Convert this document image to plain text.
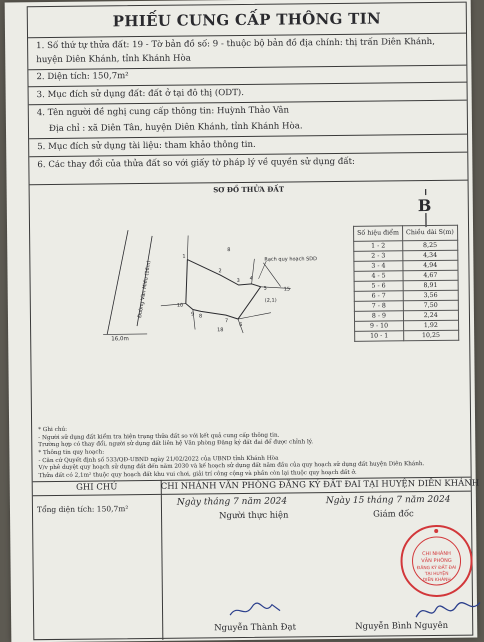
PHIẾU CUNG CẤP THÔNG TIN
1. Số thứ tự thửa đất: 19 - Tờ bản đồ số: 9 - thuộc bộ bản đồ địa chính: thị trấn Diên Khánh,
huyện Diên Khánh, tỉnh Khánh Hòa
2. Diện tích: 150,7m²
3. Mục đích sử dụng đất: đất ở tại đô thị (ODT).
4. Tên người đề nghị cung cấp thông tin: Huỳnh Thảo Vân
Địa chỉ : xã Diên Tân, huyện Diên Khánh, tỉnh Khánh Hòa.
5. Mục đích sử dụng tài liệu: tham khảo thông tin.
6. Các thay đổi của thửa đất so với giấy tờ pháp lý về quyền sử dụng đất:
SƠ ĐỒ THỬA ĐẤT
B
Đường Văn Miếu (16m)
16,0m
Rạch quy hoạch SDD
8
15
18
(2,1)
1
2
3 4
5
6
7
8
9
10
Số hiệu điểm	Chiều dài S(m)
1 - 2	8,25
2 - 3	4,34
3 - 4	4,94
4 - 5	4,67
5 - 6	8,91
6 - 7	3,56
7 - 8	7,50
8 - 9	2,24
9 - 10	1,92
10 - 1	10,25
* Ghi chú:
- Người sử dụng đất kiểm tra hiện trạng thửa đất so với kết quả cung cấp thông tin.
Trường hợp có thay đổi, người sử dụng đất liên hệ Văn phòng Đăng ký đất đai để được chỉnh lý.
* Thông tin quy hoạch:
- Căn cứ Quyết định số 533/QĐ-UBND ngày 21/02/2022 của UBND tỉnh Khánh Hòa
V/v phê duyệt quy hoạch sử dụng đất đến năm 2030 và kế hoạch sử dụng đất năm đầu của quy hoạch sử dụng đất huyện Diên Khánh.
Thửa đất có 2,1m² thuộc quy hoạch đất khu vui chơi, giải trí công cộng và phần còn lại thuộc quy hoạch đất ở.
GHI CHÚ
Tổng diện tích: 150,7m²
CHI NHÁNH VĂN PHÒNG ĐĂNG KÝ ĐẤT ĐAI TẠI HUYỆN DIÊN KHÁNH
Ngày tháng 7 năm 2024	Ngày 15 tháng 7 năm 2024
Người thực hiện	Giám đốc
CHI NHÁNH
VĂN PHÒNG
ĐĂNG KÝ ĐẤT ĐAI
TẠI HUYỆN
DIÊN KHÁNH
Nguyễn Thành Đạt	Nguyễn Bình Nguyên
